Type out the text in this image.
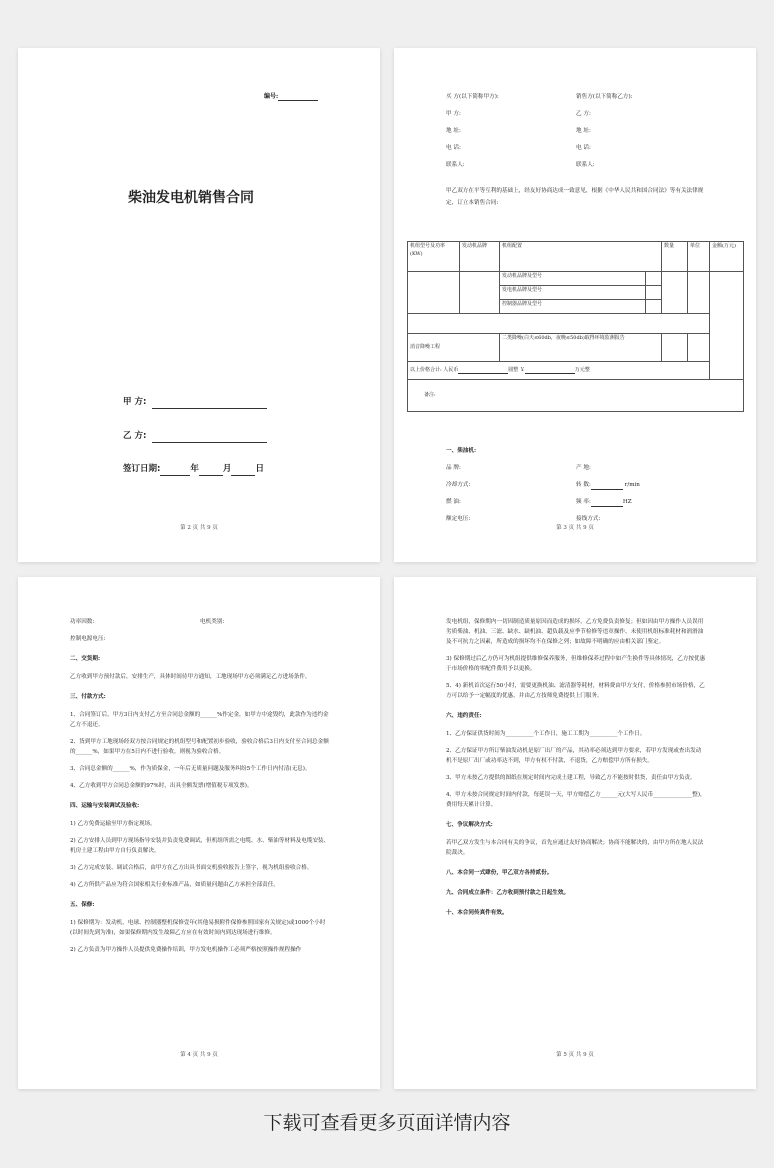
编号:
柴油发电机销售合同
甲 方:
乙 方:
签订日期:	年	月	日
第 2 页 共 9 页
买 方(以下简称甲方):	销售方(以下简称乙方):
甲 方:	乙 方:
地 址:	地 址:
电 话:	电 话:
联系人:	联系人:
甲乙双方在平等互利的基础上，经友好协商达成一致意见，根据《中华人民共和国合同法》等有关法律规定，订立本销售合同:
机组型号及功率(KW)	发动机品牌	机组配置		数量	单位	金额(万元)
		发动机品牌及型号				
		发电机品牌及型号				
		控制器品牌及型号				

消音降噪工程		二类降噪(白天≤60db，夜晚≤50db)取得环境监测报告				
以上价格合计: 人民币 圆整 ￥ 万元整						
备注:						
一、柴油机:
品 牌:	产 地:
冷却方式:	转 数:	r/min
燃 油:	频 率:	HZ
额定电压:	接线方式:
第 3 页 共 9 页
功率因数:	电机类别:
控制电源电压:
二、交货期:
乙方收到甲方预付款后，安排生产，具体时间待甲方通知，工地现场甲方必须满足乙方进场条件。
三、付款方式:
1、合同签订后，甲方3日内支付乙方至合同总金额的______%作定金，如甲方中途毁约，此款作为违约金乙方不退还。
2、货到甲方工地现场经双方按合同规定的机组型号和配置初步验收，验收合格后3日内支付至合同总金额的______%，如果甲方在5日内不进行验收，则视为验收合格。
3、合同总金额的______%，作为质保金，一年后无质量问题及服务纠纷5个工作日内付清(无息)。
4、乙方收到甲方合同总金额的97%时，出具全额发票(增值税专项发票)。
四、运输与安装调试及验收:
1) 乙方免费运输至甲方指定现场。
2) 乙方安排人员到甲方现场指导安装并负责免费调试，但机组所需之电缆、水、柴油等材料及电缆安装、机房土建工程由甲方自行负责解决。
3) 乙方完成安装、调试合格后，由甲方在乙方出具书面交机验收报告上签字，视为机组验收合格。
4) 乙方所供产品应为符合国家相关行业标准产品，如质量问题由乙方承担全部责任。
五、保修:
1) 保修期为：发动机、电球、控制器整机保修壹年(其他易损附件保修参照国家有关规定)或1000个小时(以时间先到为准)，如果保修期内发生故障乙方应在有效时间内到达现场进行维修。
2) 乙方负责为甲方操作人员提供免费操作培训，甲方发电机操作工必须严格按照操作规程操作
第 4 页 共 9 页
发电机组，保修期内一切因制造质量原因而造成的损坏，乙方免费负责修复；但如因由甲方操作人员误用劣质柴油、机油、三滤、缺水、缺机油、超负载及应季节检修等违章操作、未使用机组标准耗材和润滑油及不可抗力之因素，所造成的损坏均不在保修之列；如故障不明确的应由相关部门鉴定。
3) 保修期过后乙方仍可为机组提供维修保养服务，但维修保养过程中如产生换件等具体情况，乙方按优惠于市场价格的零配件费用予以更换。
5、4) 新机首次运行50小时，需要更换机油、滤清器等耗材，材料费由甲方支付，价格参照市场价格，乙方可以给予一定幅度的优惠，并由乙方技师免费提供上门服务。
六、违约责任:
1、乙方保证供货时间为__________个工作日，施工工期为__________个工作日。
2、乙方保证甲方所订柴油发动机是原厂出厂的产品，其功率必须达到甲方要求，若甲方发现或查出发动机不是原厂出厂或功率达不到，甲方有权不付款，不退货，乙方赔偿甲方所有损失。
3、甲方未按乙方提供的图纸在规定时间内完成土建工程，导致乙方不能按时供货，责任由甲方负责。
4、甲方未按合同规定时间内付款，每延误一天，甲方赔偿乙方______元(大写人民币______________整)，费用每天累计计算。
七、争议解决方式:
若甲乙双方发生与本合同有关的争议，首先应通过友好协商解决；协商不能解决的，由甲方所在地人民法院裁决。
八、本合同一式肆份，甲乙双方各持贰份。
九、合同成立条件：乙方收到预付款之日起生效。
十、本合同传真件有效。
第 5 页 共 9 页
下载可查看更多页面详情内容
